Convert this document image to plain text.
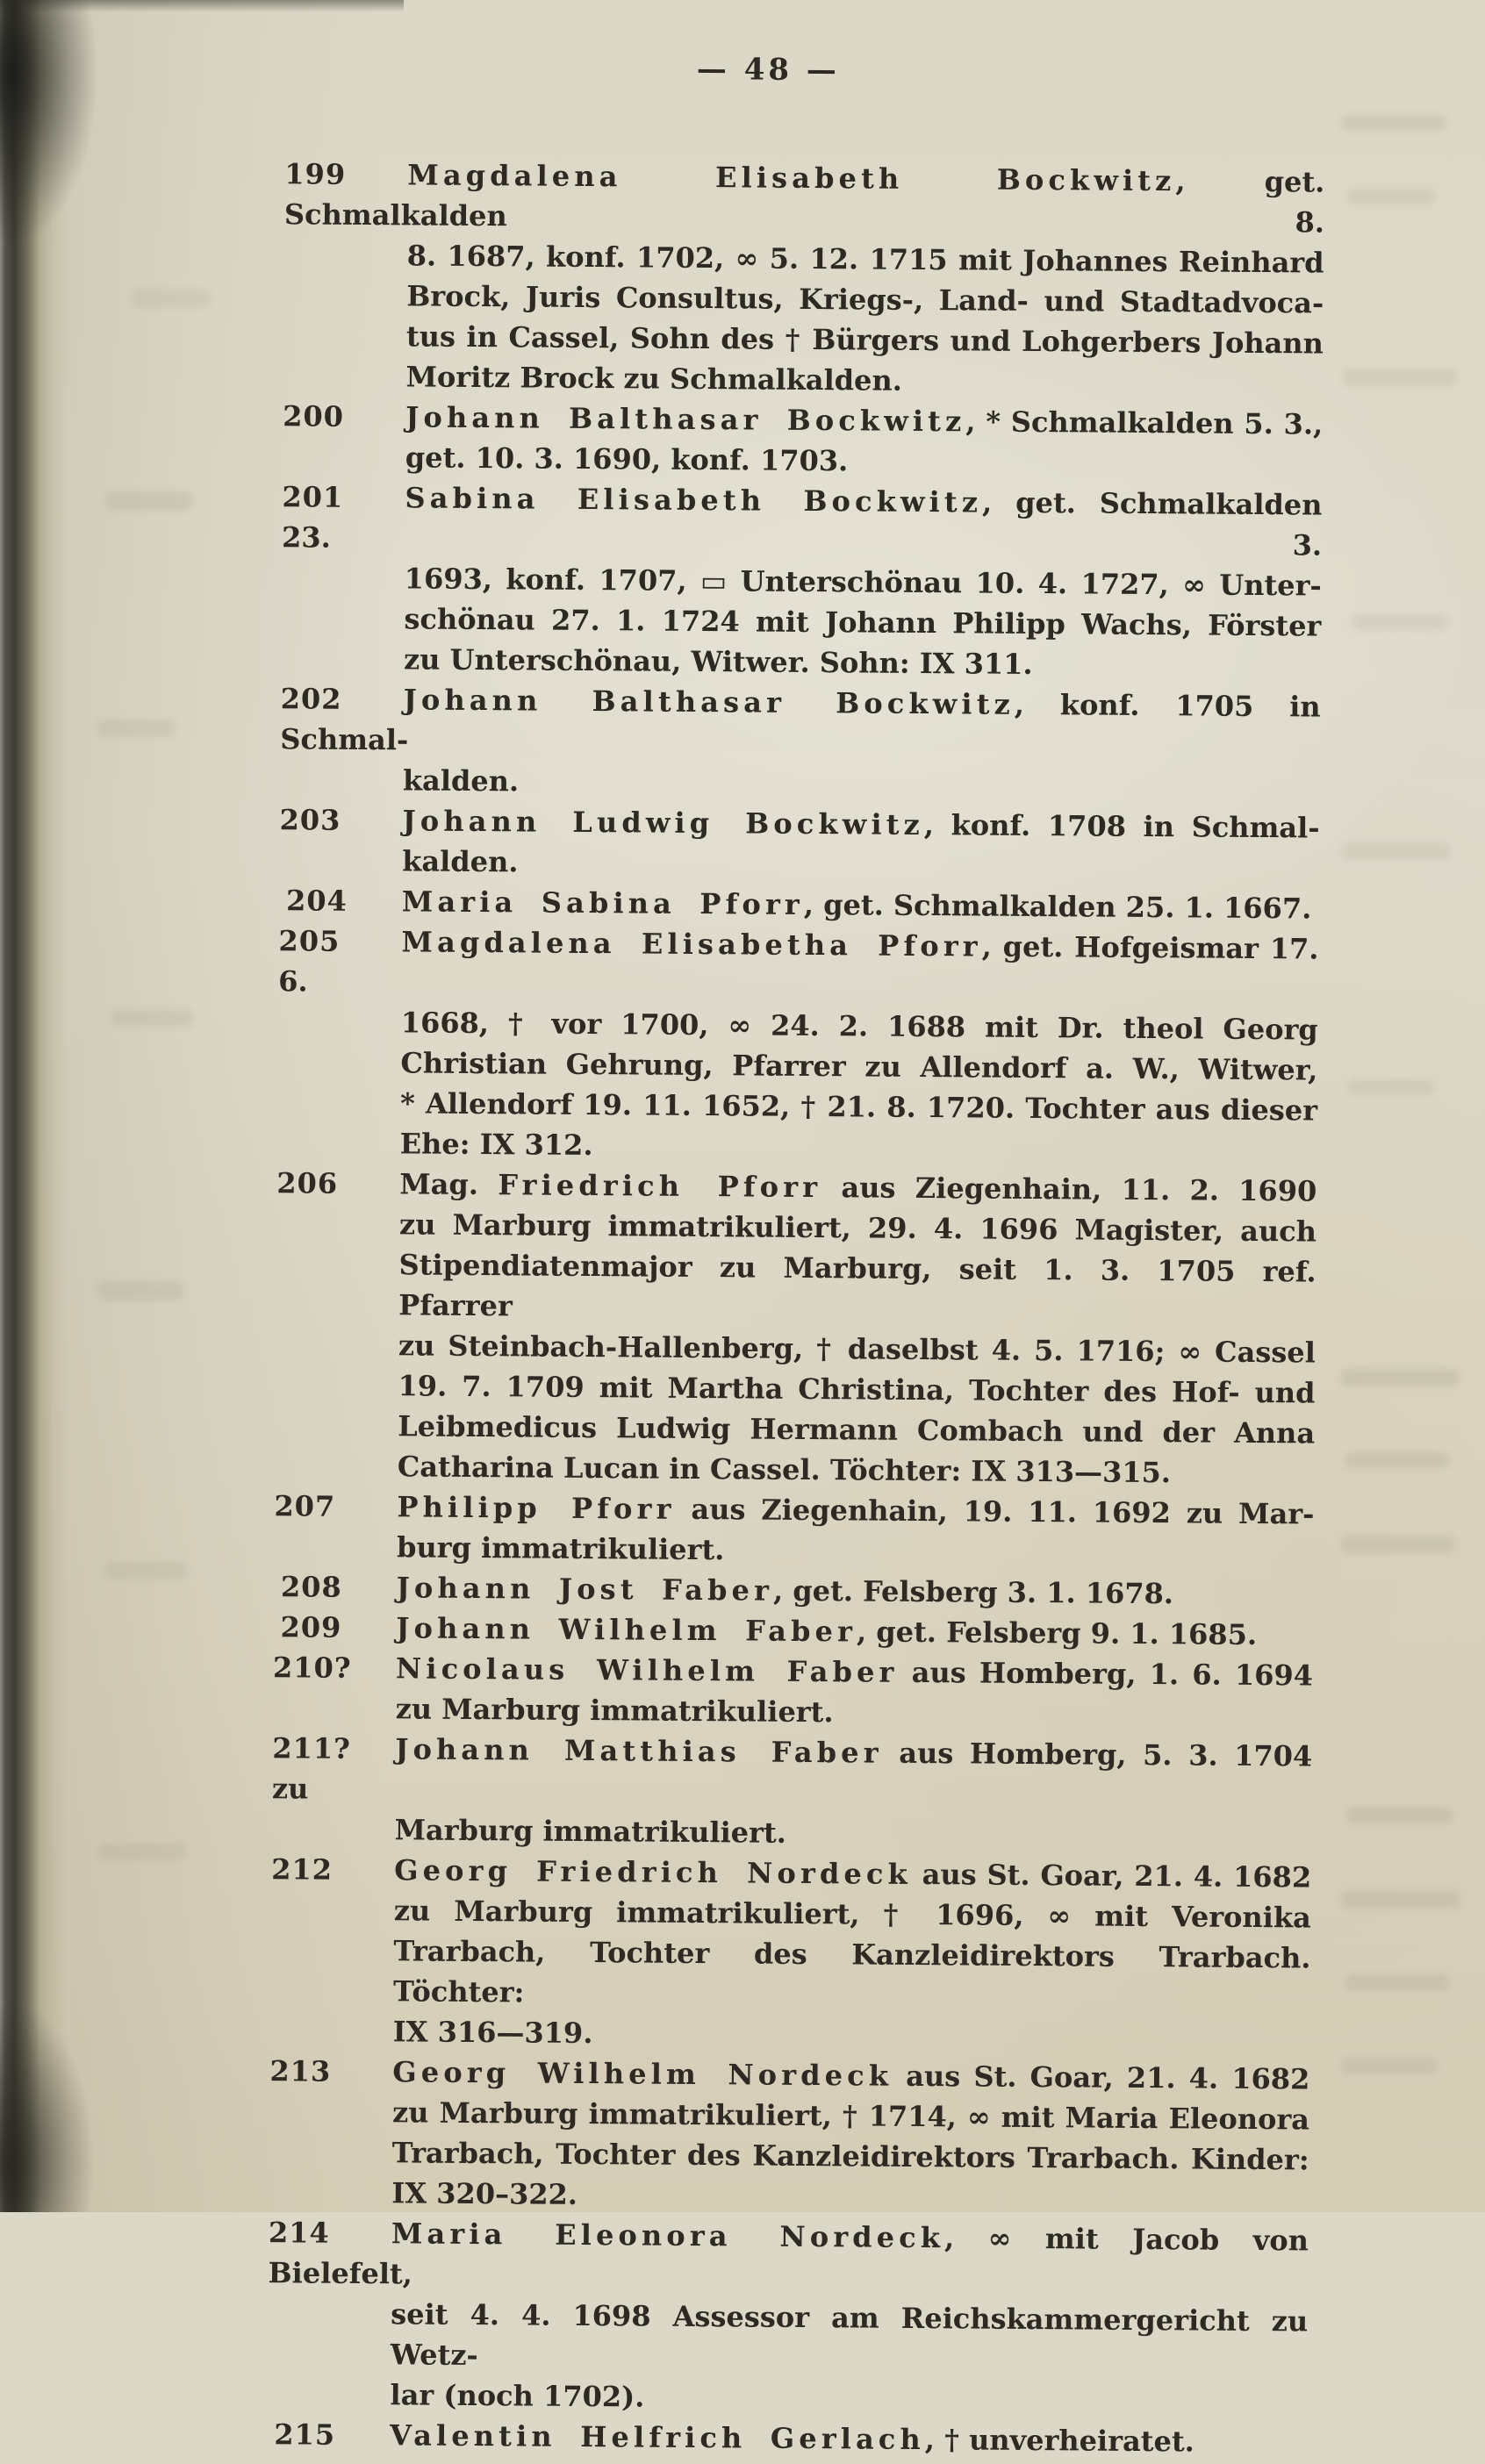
— 48 —
199 Magdalena Elisabeth Bockwitz, get. Schmalkalden 8.
8. 1687, konf. 1702, ∞ 5. 12. 1715 mit Johannes Reinhard
Brock, Juris Consultus, Kriegs-, Land- und Stadtadvoca-
tus in Cassel, Sohn des † Bürgers und Lohgerbers Johann
Moritz Brock zu Schmalkalden.
200 Johann Balthasar Bockwitz, * Schmalkalden 5. 3.,
get. 10. 3. 1690, konf. 1703.
201 Sabina Elisabeth Bockwitz, get. Schmalkalden 23. 3.
1693, konf. 1707, ▭ Unterschönau 10. 4. 1727, ∞ Unter-
schönau 27. 1. 1724 mit Johann Philipp Wachs, Förster
zu Unterschönau, Witwer. Sohn: IX 311.
202 Johann Balthasar Bockwitz, konf. 1705 in Schmal-
kalden.
203 Johann Ludwig Bockwitz, konf. 1708 in Schmal-
kalden.
204 Maria Sabina Pforr, get. Schmalkalden 25. 1. 1667.
205 Magdalena Elisabetha Pforr, get. Hofgeismar 17. 6.
1668, † vor 1700, ∞ 24. 2. 1688 mit Dr. theol Georg
Christian Gehrung, Pfarrer zu Allendorf a. W., Witwer,
* Allendorf 19. 11. 1652, † 21. 8. 1720. Tochter aus dieser
Ehe: IX 312.
206 Mag. Friedrich Pforr aus Ziegenhain, 11. 2. 1690
zu Marburg immatrikuliert, 29. 4. 1696 Magister, auch
Stipendiatenmajor zu Marburg, seit 1. 3. 1705 ref. Pfarrer
zu Steinbach-Hallenberg, † daselbst 4. 5. 1716; ∞ Cassel
19. 7. 1709 mit Martha Christina, Tochter des Hof- und
Leibmedicus Ludwig Hermann Combach und der Anna
Catharina Lucan in Cassel. Töchter: IX 313—315.
207 Philipp Pforr aus Ziegenhain, 19. 11. 1692 zu Mar-
burg immatrikuliert.
208 Johann Jost Faber, get. Felsberg 3. 1. 1678.
209 Johann Wilhelm Faber, get. Felsberg 9. 1. 1685.
210? Nicolaus Wilhelm Faber aus Homberg, 1. 6. 1694
zu Marburg immatrikuliert.
211? Johann Matthias Faber aus Homberg, 5. 3. 1704 zu
Marburg immatrikuliert.
212 Georg Friedrich Nordeck aus St. Goar, 21. 4. 1682
zu Marburg immatrikuliert, † 1696, ∞ mit Veronika
Trarbach, Tochter des Kanzleidirektors Trarbach. Töchter:
IX 316—319.
213 Georg Wilhelm Nordeck aus St. Goar, 21. 4. 1682
zu Marburg immatrikuliert, † 1714, ∞ mit Maria Eleonora
Trarbach, Tochter des Kanzleidirektors Trarbach. Kinder:
IX 320–322.
214 Maria Eleonora Nordeck, ∞ mit Jacob von Bielefelt,
seit 4. 4. 1698 Assessor am Reichskammergericht zu Wetz-
lar (noch 1702).
215 Valentin Helfrich Gerlach, † unverheiratet.
